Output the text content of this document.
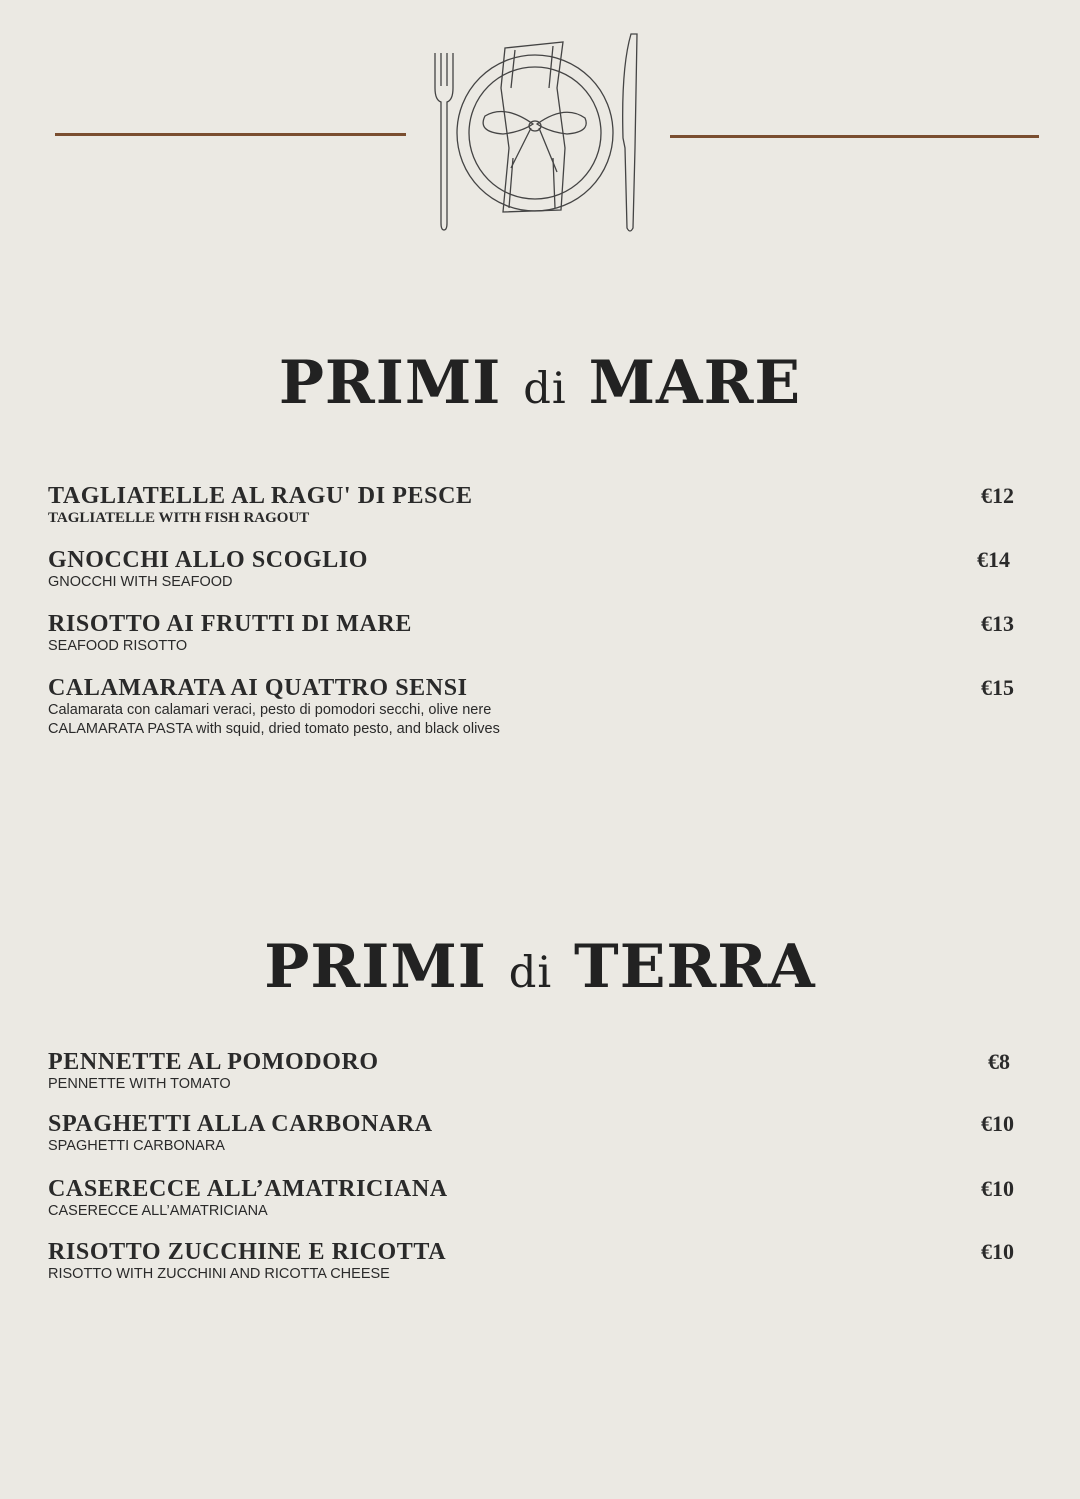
PRIMI di MARE
TAGLIATELLE AL RAGU' DI PESCE
TAGLIATELLE WITH FISH RAGOUT
€12
GNOCCHI ALLO SCOGLIO
GNOCCHI WITH SEAFOOD
€14
RISOTTO AI FRUTTI DI MARE
SEAFOOD RISOTTO
€13
CALAMARATA AI QUATTRO SENSI
Calamarata con calamari veraci, pesto di pomodori secchi, olive nere
CALAMARATA PASTA with squid, dried tomato pesto, and black olives
€15
PRIMI di TERRA
PENNETTE AL POMODORO
PENNETTE WITH TOMATO
€8
SPAGHETTI ALLA CARBONARA
SPAGHETTI CARBONARA
€10
CASERECCE ALL’AMATRICIANA
CASERECCE ALL’AMATRICIANA
€10
RISOTTO ZUCCHINE E RICOTTA
RISOTTO WITH ZUCCHINI AND RICOTTA CHEESE
€10
